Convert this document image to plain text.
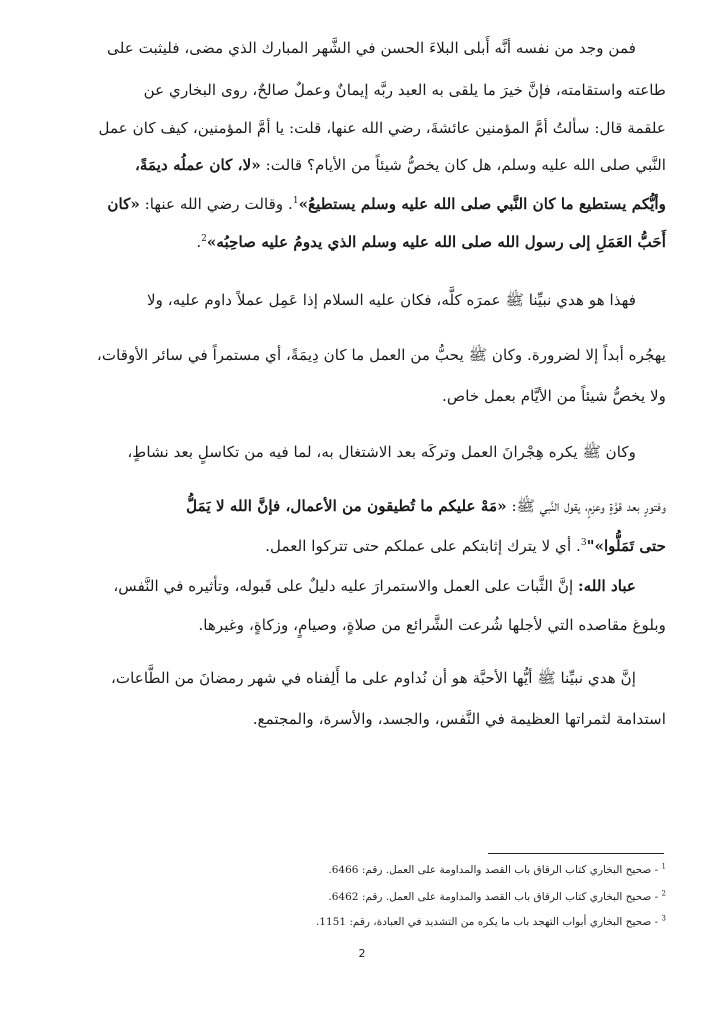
فمن وجد من نفسه أنَّه أَبلى البلاءَ الحسن في الشَّهر المبارك الذي مضى، فليثبت على
طاعته واستقامته، فإنَّ خيرَ ما يلقى به العبد ربَّه إيمانٌ وعملٌ صالحٌ، روى البخاري عن
علقمة قال: سألتُ أمَّ المؤمنين عائشةَ، رضي الله عنها، قلت: يا أمَّ المؤمنين، كيف كان عمل
النَّبي صلى الله عليه وسلم، هل كان يخصُّ شيئاً من الأيام؟ قالت: «لا، كان عملُه ديمَةً،
وأيُّكم يستطيع ما كان النَّبي صلى الله عليه وسلم يستطيعُ»$^1$. وقالت رضي الله عنها: «كان
أَحَبُّ العَمَلِ إلى رسول الله صلى الله عليه وسلم الذي يدومُ عليه صاحِبُه»$^2$.
فهذا هو هدي نبيِّنا ﷺ عمرَه كلَّه، فكان عليه السلام إذا عَمِل عملاً داوم عليه، ولا
يهجُره أبداً إلا لضرورة. وكان ﷺ يحبُّ من العمل ما كان دِيمَةً، أي مستمراً في سائر الأوقات،
ولا يخصُّ شيئاً من الأيَّام بعمل خاص.
وكان ﷺ يكره هِجْرانَ العمل وتركَه بعد الاشتغال به، لما فيه من تكاسلٍ بعد نشاطٍ،
وفتورٍ بعد قوَّةٍ وعزمٍ، يقول النَّبي ﷺ: «مَهْ عليكم ما تُطيقون من الأعمال، فإنَّ الله لا يَمَلُّ
حتى تَمَلُّوا»"$^3$. أي لا يترك إثابتكم على عملكم حتى تتركوا العمل.
عباد الله: إنَّ الثَّبات على العمل والاستمرارَ عليه دليلٌ على قَبوله، وتأثيره في النَّفس،
وبلوغ مقاصده التي لأجلها شُرعت الشَّرائع من صلاةٍ، وصيامٍ، وزكاةٍ، وغيرها.
إنَّ هدي نبيِّنا ﷺ أيُّها الأحبَّة هو أن نُداوم على ما أَلِفناه في شهر رمضانَ من الطَّاعات،
استدامة لثمراتها العظيمة في النَّفس، والجسد، والأسرة، والمجتمع.
$^1$ - صحيح البخاري كتاب الرقاق باب القصد والمداومة على العمل. رقم: 6466.
$^2$ - صحيح البخاري كتاب الرقاق باب القصد والمداومة على العمل. رقم: 6462.
$^3$ - صحيح البخاري أبواب التهجد باب ما يكره من التشديد في العبادة، رقم: 1151.
2
